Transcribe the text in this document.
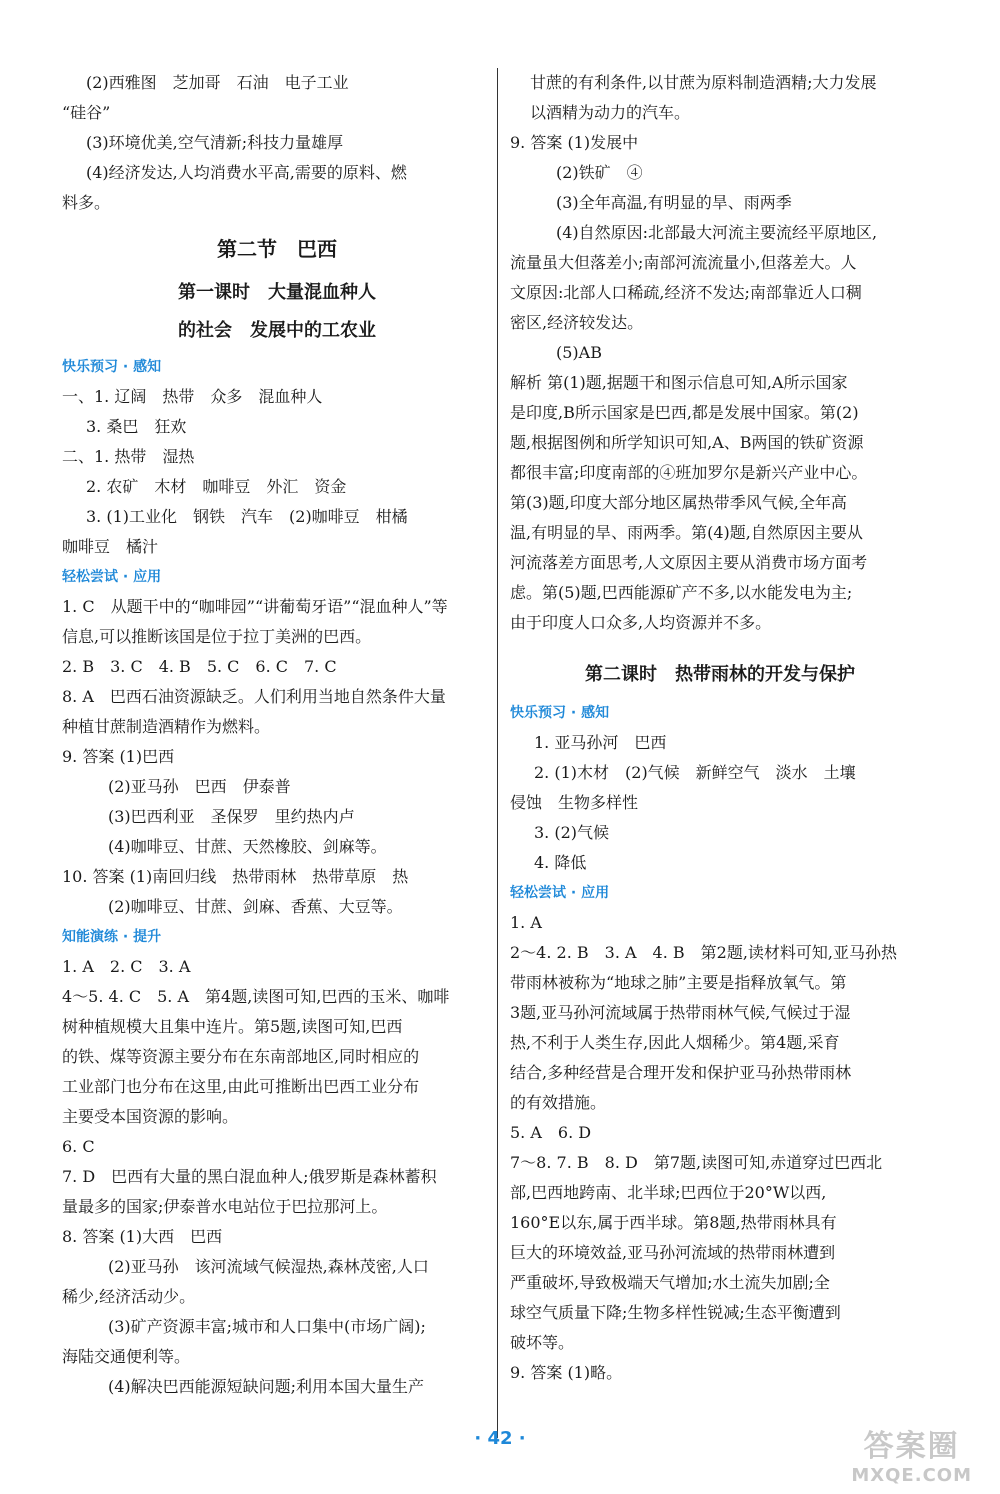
(2)西雅图　芝加哥　石油　电子工业

“硅谷”

(3)环境优美,空气清新;科技力量雄厚

(4)经济发达,人均消费水平高,需要的原料、燃

料多。

第二节　巴西
第一课时　大量混血种人
的社会　发展中的工农业
快乐预习 · 感知

一、1. 辽阔　热带　众多　混血种人

3. 桑巴　狂欢

二、1. 热带　湿热

2. 农矿　木材　咖啡豆　外汇　资金

3. (1)工业化　钢铁　汽车　(2)咖啡豆　柑橘

咖啡豆　橘汁

轻松尝试 · 应用

1. C　从题干中的“咖啡园”“讲葡萄牙语”“混血种人”等

信息,可以推断该国是位于拉丁美洲的巴西。

2. B　3. C　4. B　5. C　6. C　7. C

8. A　巴西石油资源缺乏。人们利用当地自然条件大量

种植甘蔗制造酒精作为燃料。

9. 答案 (1)巴西

(2)亚马孙　巴西　伊泰普

(3)巴西利亚　圣保罗　里约热内卢

(4)咖啡豆、甘蔗、天然橡胶、剑麻等。

10. 答案 (1)南回归线　热带雨林　热带草原　热

(2)咖啡豆、甘蔗、剑麻、香蕉、大豆等。

知能演练 · 提升

1. A　2. C　3. A

4～5. 4. C　5. A　第4题,读图可知,巴西的玉米、咖啡

树种植规模大且集中连片。第5题,读图可知,巴西

的铁、煤等资源主要分布在东南部地区,同时相应的

工业部门也分布在这里,由此可推断出巴西工业分布

主要受本国资源的影响。

6. C

7. D　巴西有大量的黑白混血种人;俄罗斯是森林蓄积

量最多的国家;伊泰普水电站位于巴拉那河上。

8. 答案 (1)大西　巴西

(2)亚马孙　该河流域气候湿热,森林茂密,人口

稀少,经济活动少。

(3)矿产资源丰富;城市和人口集中(市场广阔);

海陆交通便利等。

(4)解决巴西能源短缺问题;利用本国大量生产

甘蔗的有利条件,以甘蔗为原料制造酒精;大力发展

以酒精为动力的汽车。

9. 答案 (1)发展中

(2)铁矿　④

(3)全年高温,有明显的旱、雨两季

(4)自然原因:北部最大河流主要流经平原地区,

流量虽大但落差小;南部河流流量小,但落差大。人

文原因:北部人口稀疏,经济不发达;南部靠近人口稠

密区,经济较发达。

(5)AB

解析 第(1)题,据题干和图示信息可知,A所示国家

是印度,B所示国家是巴西,都是发展中国家。第(2)

题,根据图例和所学知识可知,A、B两国的铁矿资源

都很丰富;印度南部的④班加罗尔是新兴产业中心。

第(3)题,印度大部分地区属热带季风气候,全年高

温,有明显的旱、雨两季。第(4)题,自然原因主要从

河流落差方面思考,人文原因主要从消费市场方面考

虑。第(5)题,巴西能源矿产不多,以水能发电为主;

由于印度人口众多,人均资源并不多。

第二课时　热带雨林的开发与保护
快乐预习 · 感知

1. 亚马孙河　巴西

2. (1)木材　(2)气候　新鲜空气　淡水　土壤

侵蚀　生物多样性

3. (2)气候

4. 降低

轻松尝试 · 应用

1. A

2～4. 2. B　3. A　4. B　第2题,读材料可知,亚马孙热

带雨林被称为“地球之肺”主要是指释放氧气。第

3题,亚马孙河流域属于热带雨林气候,气候过于湿

热,不利于人类生存,因此人烟稀少。第4题,采育

结合,多种经营是合理开发和保护亚马孙热带雨林

的有效措施。

5. A　6. D

7～8. 7. B　8. D　第7题,读图可知,赤道穿过巴西北

部,巴西地跨南、北半球;巴西位于20°W以西,

160°E以东,属于西半球。第8题,热带雨林具有

巨大的环境效益,亚马孙河流域的热带雨林遭到

严重破坏,导致极端天气增加;水土流失加剧;全

球空气质量下降;生物多样性锐减;生态平衡遭到

破坏等。

9. 答案 (1)略。

· 42 ·	答案圈
MXQE.COM
